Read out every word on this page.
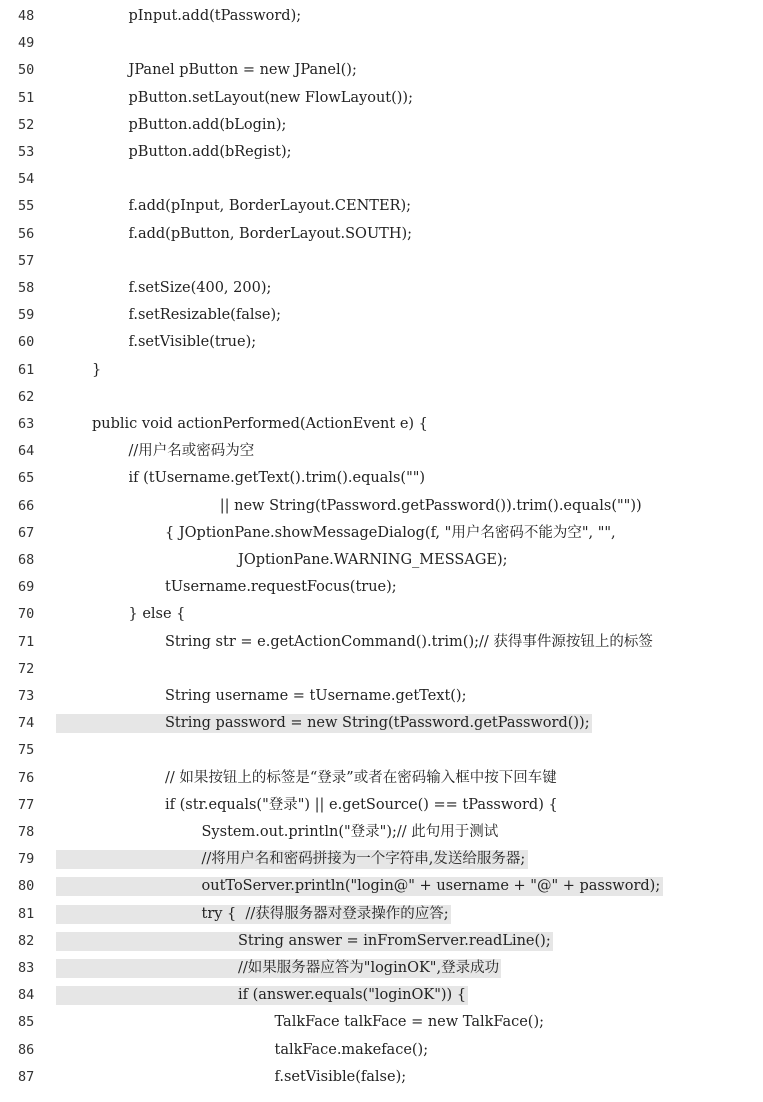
48	pInput.add(tPassword);
49
50	JPanel pButton = new JPanel();
51	pButton.setLayout(new FlowLayout());
52	pButton.add(bLogin);
53	pButton.add(bRegist);
54
55	f.add(pInput, BorderLayout.CENTER);
56	f.add(pButton, BorderLayout.SOUTH);
57
58	f.setSize(400, 200);
59	f.setResizable(false);
60	f.setVisible(true);
61	}
62
63	public void actionPerformed(ActionEvent e) {
64	//用户名或密码为空
65	if (tUsername.getText().trim().equals("")
66	|| new String(tPassword.getPassword()).trim().equals(""))
67	{ JOptionPane.showMessageDialog(f, "用户名密码不能为空", "",
68	JOptionPane.WARNING_MESSAGE);
69	tUsername.requestFocus(true);
70	} else {
71	String str = e.getActionCommand().trim();// 获得事件源按钮上的标签
72
73	String username = tUsername.getText();
74	String password = new String(tPassword.getPassword());
75
76	// 如果按钮上的标签是“登录”或者在密码输入框中按下回车键
77	if (str.equals("登录") || e.getSource() == tPassword) {
78	System.out.println("登录");// 此句用于测试
79	//将用户名和密码拼接为一个字符串,发送给服务器;
80	outToServer.println("login@" + username + "@" + password);
81	try {  //获得服务器对登录操作的应答;
82	String answer = inFromServer.readLine();
83	//如果服务器应答为"loginOK",登录成功
84	if (answer.equals("loginOK")) {
85	TalkFace talkFace = new TalkFace();
86	talkFace.makeface();
87	f.setVisible(false);
